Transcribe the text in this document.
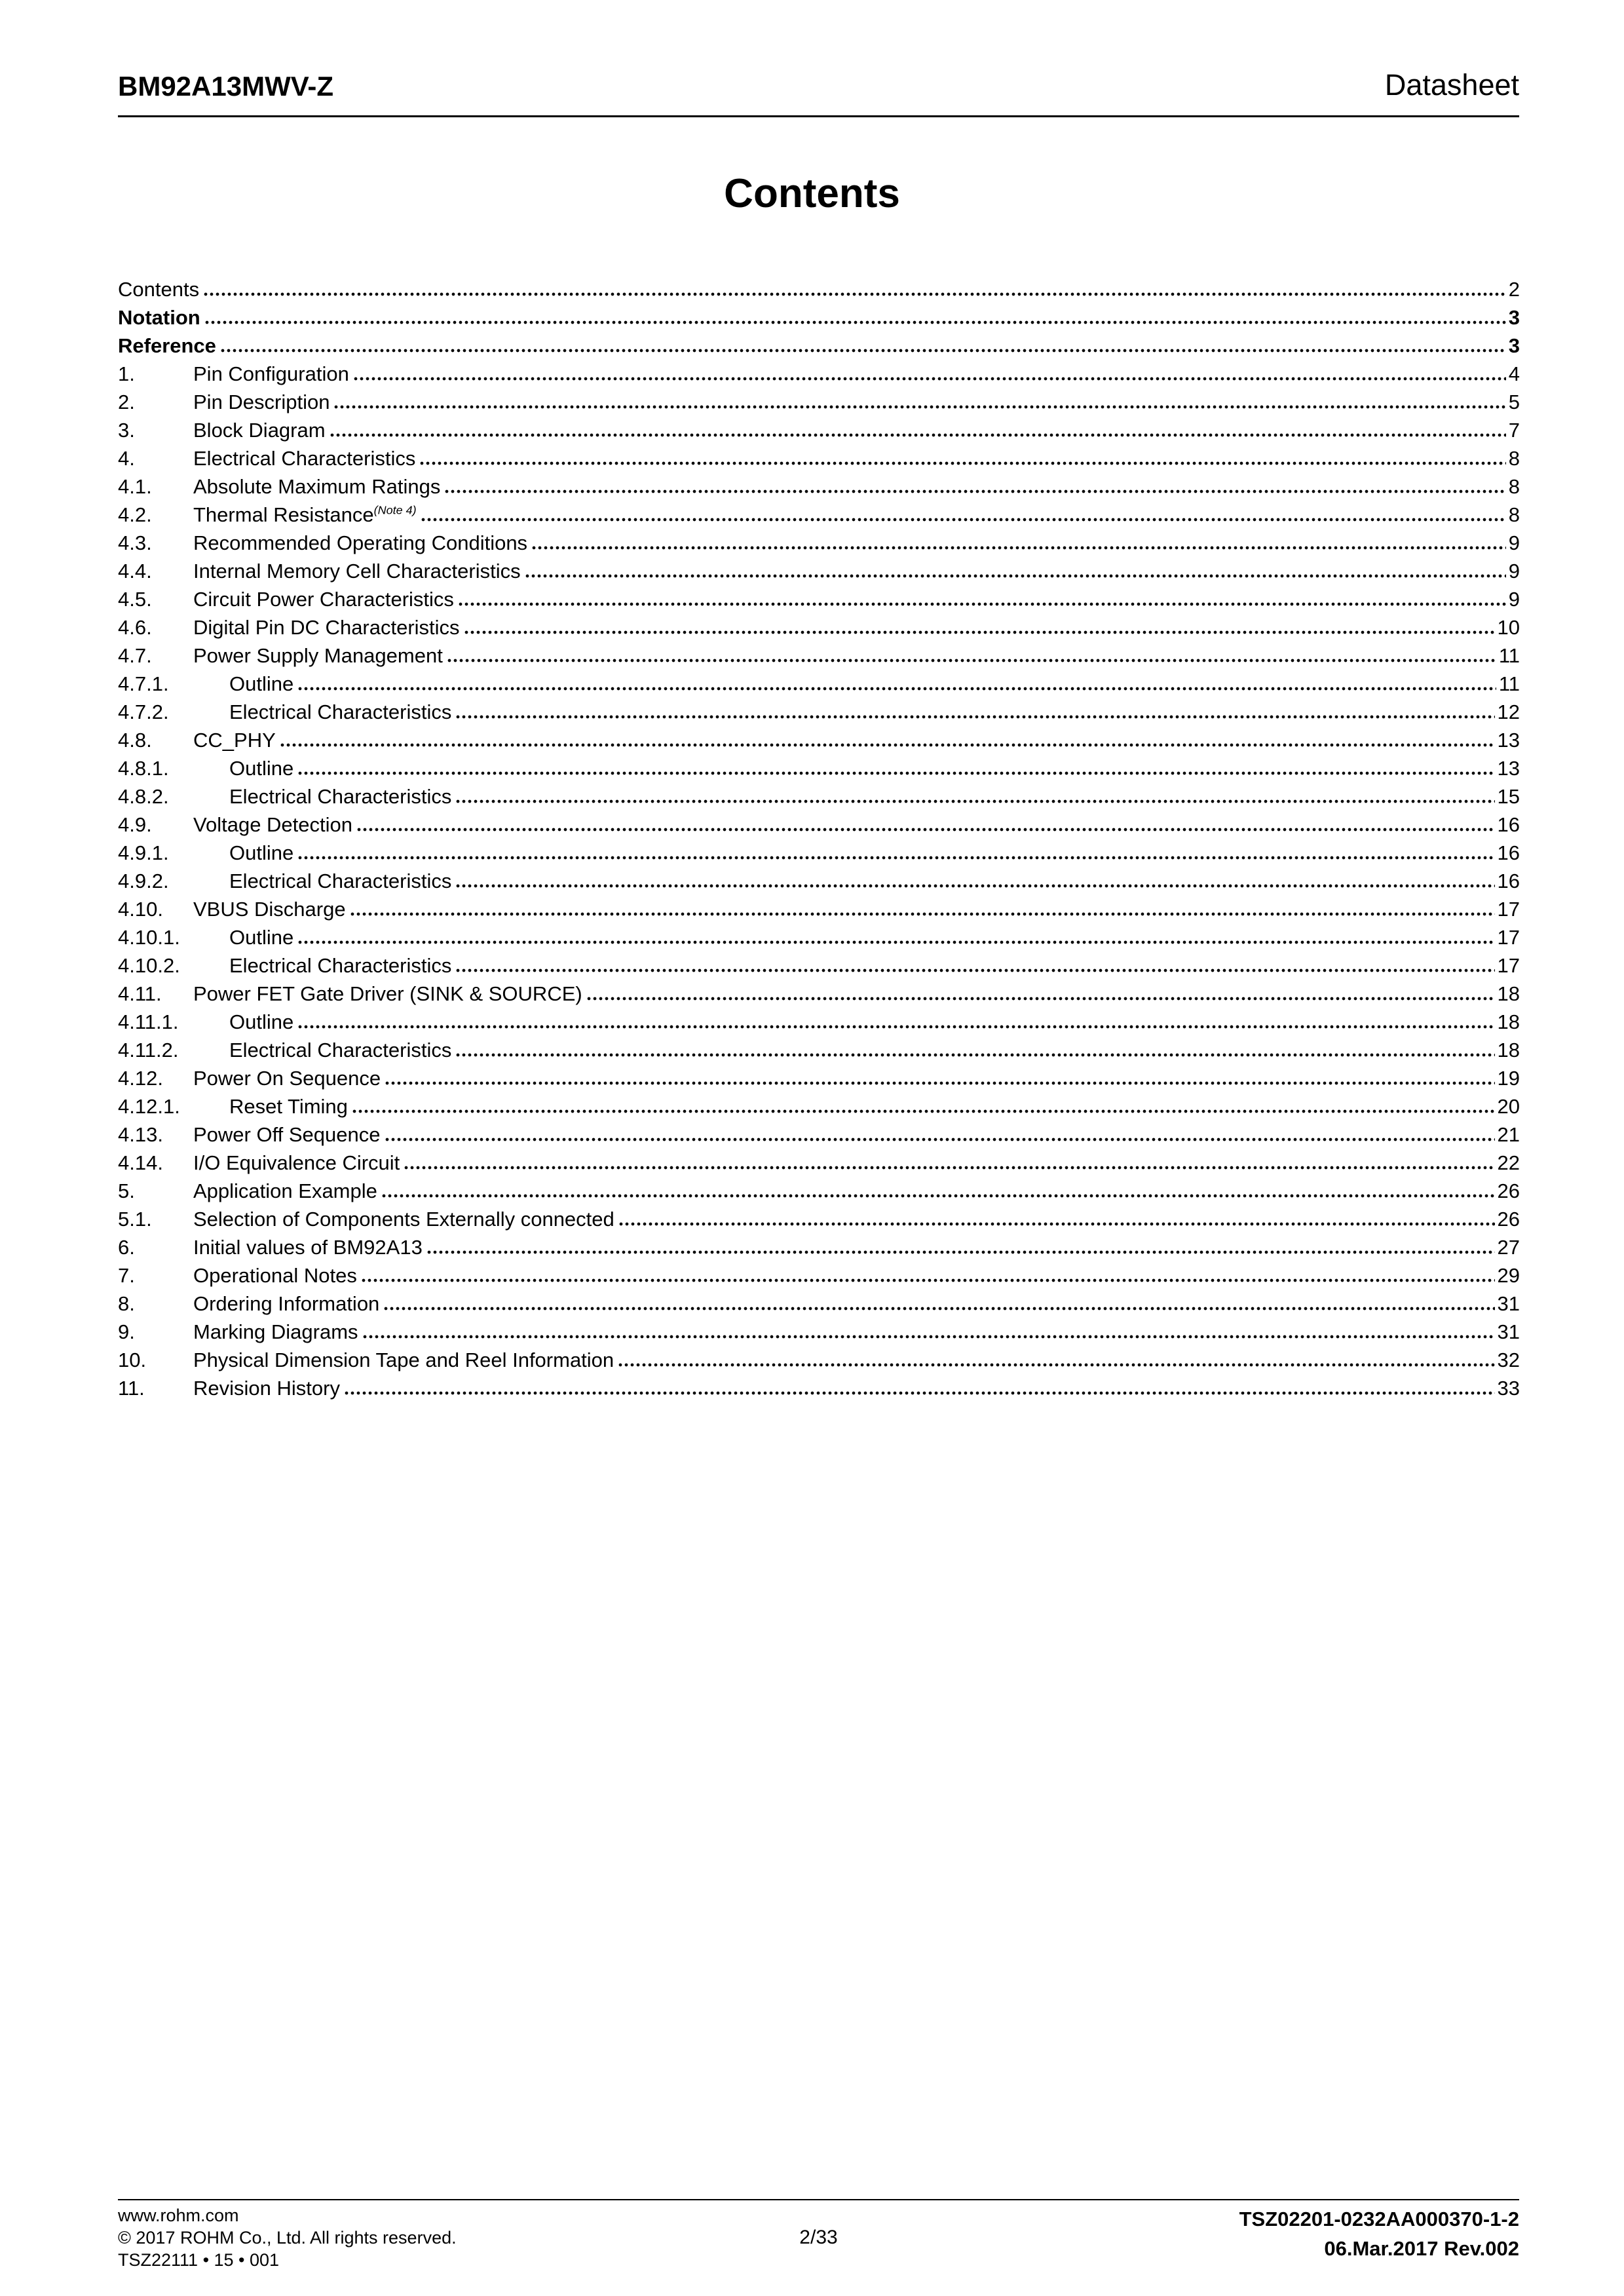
BM92A13MWV-Z	Datasheet
Contents
Contents	2
Notation	3
Reference	3
1.	Pin Configuration	4
2.	Pin Description	5
3.	Block Diagram	7
4.	Electrical Characteristics	8
4.1.	Absolute Maximum Ratings	8
4.2.	Thermal Resistance$^{(Note 4)}$	8
4.3.	Recommended Operating Conditions	9
4.4.	Internal Memory Cell Characteristics	9
4.5.	Circuit Power Characteristics	9
4.6.	Digital Pin DC Characteristics	10
4.7.	Power Supply Management	11
4.7.1.	Outline	11
4.7.2.	Electrical Characteristics	12
4.8.	CC_PHY	13
4.8.1.	Outline	13
4.8.2.	Electrical Characteristics	15
4.9.	Voltage Detection	16
4.9.1.	Outline	16
4.9.2.	Electrical Characteristics	16
4.10.	VBUS Discharge	17
4.10.1.	Outline	17
4.10.2.	Electrical Characteristics	17
4.11.	Power FET Gate Driver (SINK & SOURCE)	18
4.11.1.	Outline	18
4.11.2.	Electrical Characteristics	18
4.12.	Power On Sequence	19
4.12.1.	Reset Timing	20
4.13.	Power Off Sequence	21
4.14.	I/O Equivalence Circuit	22
5.	Application Example	26
5.1.	Selection of Components Externally connected	26
6.	Initial values of BM92A13	27
7.	Operational Notes	29
8.	Ordering Information	31
9.	Marking Diagrams	31
10.	Physical Dimension Tape and Reel Information	32
11.	Revision History	33
www.rohm.com
© 2017 ROHM Co., Ltd. All rights reserved.
TSZ22111 • 15 • 001
2/33
TSZ02201-0232AA000370-1-2
06.Mar.2017 Rev.002
